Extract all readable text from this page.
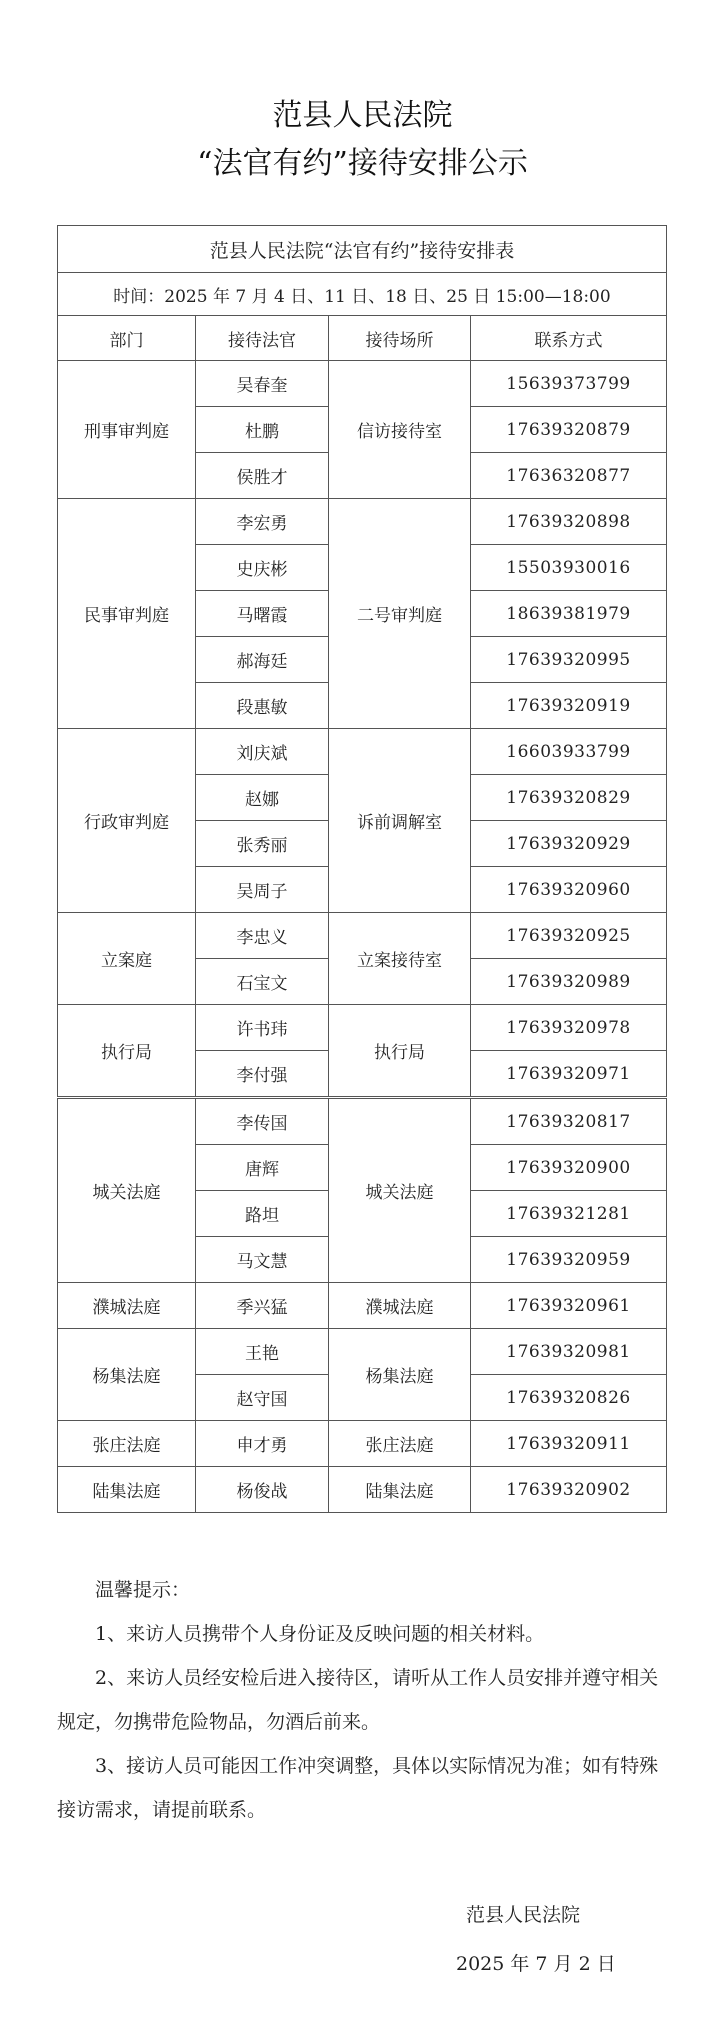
范县人民法院
“法官有约”接待安排公示
范县人民法院“法官有约”接待安排表			
时间：2025 年 7 月 4 日、11 日、18 日、25 日 15:00—18:00			
部门	接待法官	接待场所	联系方式
刑事审判庭	吴春奎	信访接待室	15639373799
	杜鹏		17639320879
	侯胜才		17636320877
民事审判庭	李宏勇	二号审判庭	17639320898
	史庆彬		15503930016
	马曙霞		18639381979
	郝海廷		17639320995
	段惠敏		17639320919
行政审判庭	刘庆斌	诉前调解室	16603933799
	赵娜		17639320829
	张秀丽		17639320929
	吴周子		17639320960
立案庭	李忠义	立案接待室	17639320925
	石宝文		17639320989
执行局	许书玮	执行局	17639320978
	李付强		17639320971
城关法庭	李传国	城关法庭	17639320817
	唐辉		17639320900
	路坦		17639321281
	马文慧		17639320959
濮城法庭	季兴猛	濮城法庭	17639320961
杨集法庭	王艳	杨集法庭	17639320981
	赵守国		17639320826
张庄法庭	申才勇	张庄法庭	17639320911
陆集法庭	杨俊战	陆集法庭	17639320902

温馨提示：

1、来访人员携带个人身份证及反映问题的相关材料。

2、来访人员经安检后进入接待区，请听从工作人员安排并遵守相关规定，勿携带危险物品，勿酒后前来。

3、接访人员可能因工作冲突调整，具体以实际情况为准；如有特殊接访需求，请提前联系。

范县人民法院
2025 年 7 月 2 日
